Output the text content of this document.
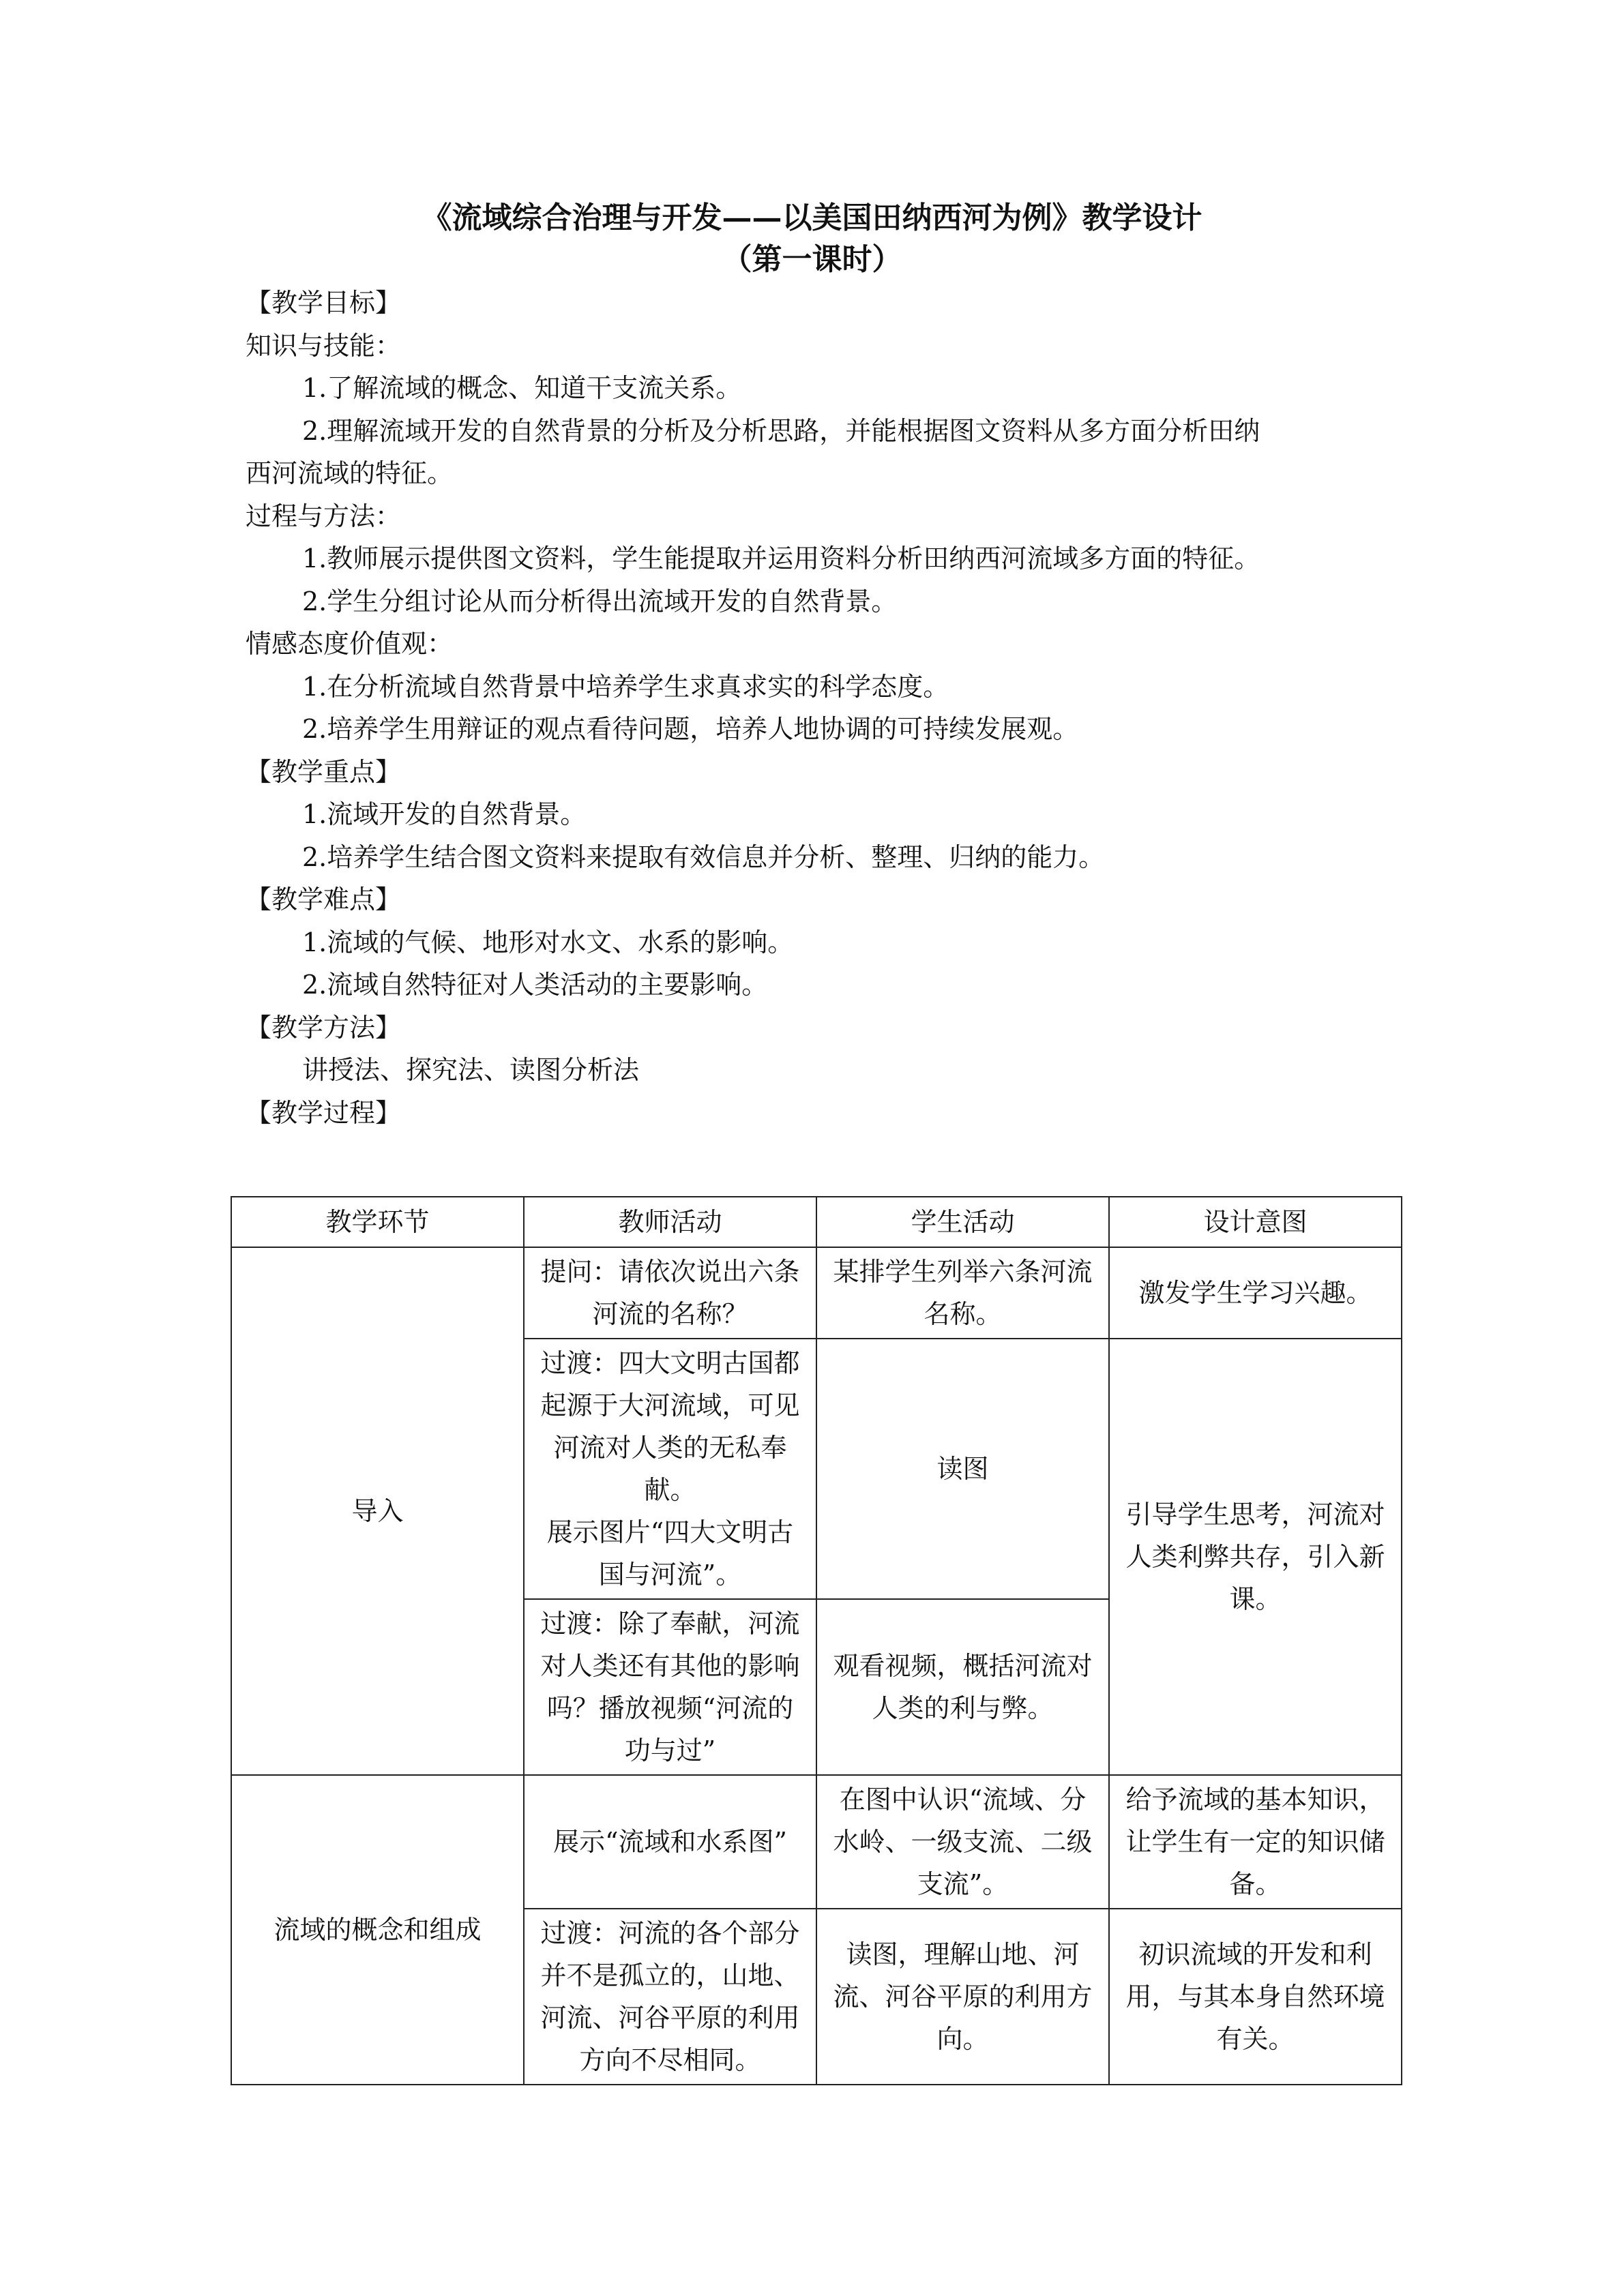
《流域综合治理与开发——以美国田纳西河为例》教学设计
（第一课时）
【教学目标】
知识与技能：
1.了解流域的概念、知道干支流关系。
2.理解流域开发的自然背景的分析及分析思路，并能根据图文资料从多方面分析田纳
西河流域的特征。
过程与方法：
1.教师展示提供图文资料，学生能提取并运用资料分析田纳西河流域多方面的特征。
2.学生分组讨论从而分析得出流域开发的自然背景。
情感态度价值观：
1.在分析流域自然背景中培养学生求真求实的科学态度。
2.培养学生用辩证的观点看待问题，培养人地协调的可持续发展观。
【教学重点】
1.流域开发的自然背景。
2.培养学生结合图文资料来提取有效信息并分析、整理、归纳的能力。
【教学难点】
1.流域的气候、地形对水文、水系的影响。
2.流域自然特征对人类活动的主要影响。
【教学方法】
讲授法、探究法、读图分析法
【教学过程】
教学环节	教师活动	学生活动	设计意图
导入	提问：请依次说出六条河流的名称？	某排学生列举六条河流名称。	激发学生学习兴趣。

	过渡：四大文明古国都起源于大河流域，可见河流对人类的无私奉献。
展示图片“四大文明古国与河流”。	读图	引导学生思考，河流对人类利弊共存，引入新课。
	过渡：除了奉献，河流对人类还有其他的影响吗？播放视频“河流的功与过”	观看视频，概括河流对人类的利与弊。	
流域的概念和组成	展示“流域和水系图”	在图中认识“流域、分水岭、一级支流、二级支流”。	给予流域的基本知识，让学生有一定的知识储备。
	过渡：河流的各个部分并不是孤立的，山地、河流、河谷平原的利用方向不尽相同。	读图，理解山地、河流、河谷平原的利用方向。	初识流域的开发和利用，与其本身自然环境有关。
